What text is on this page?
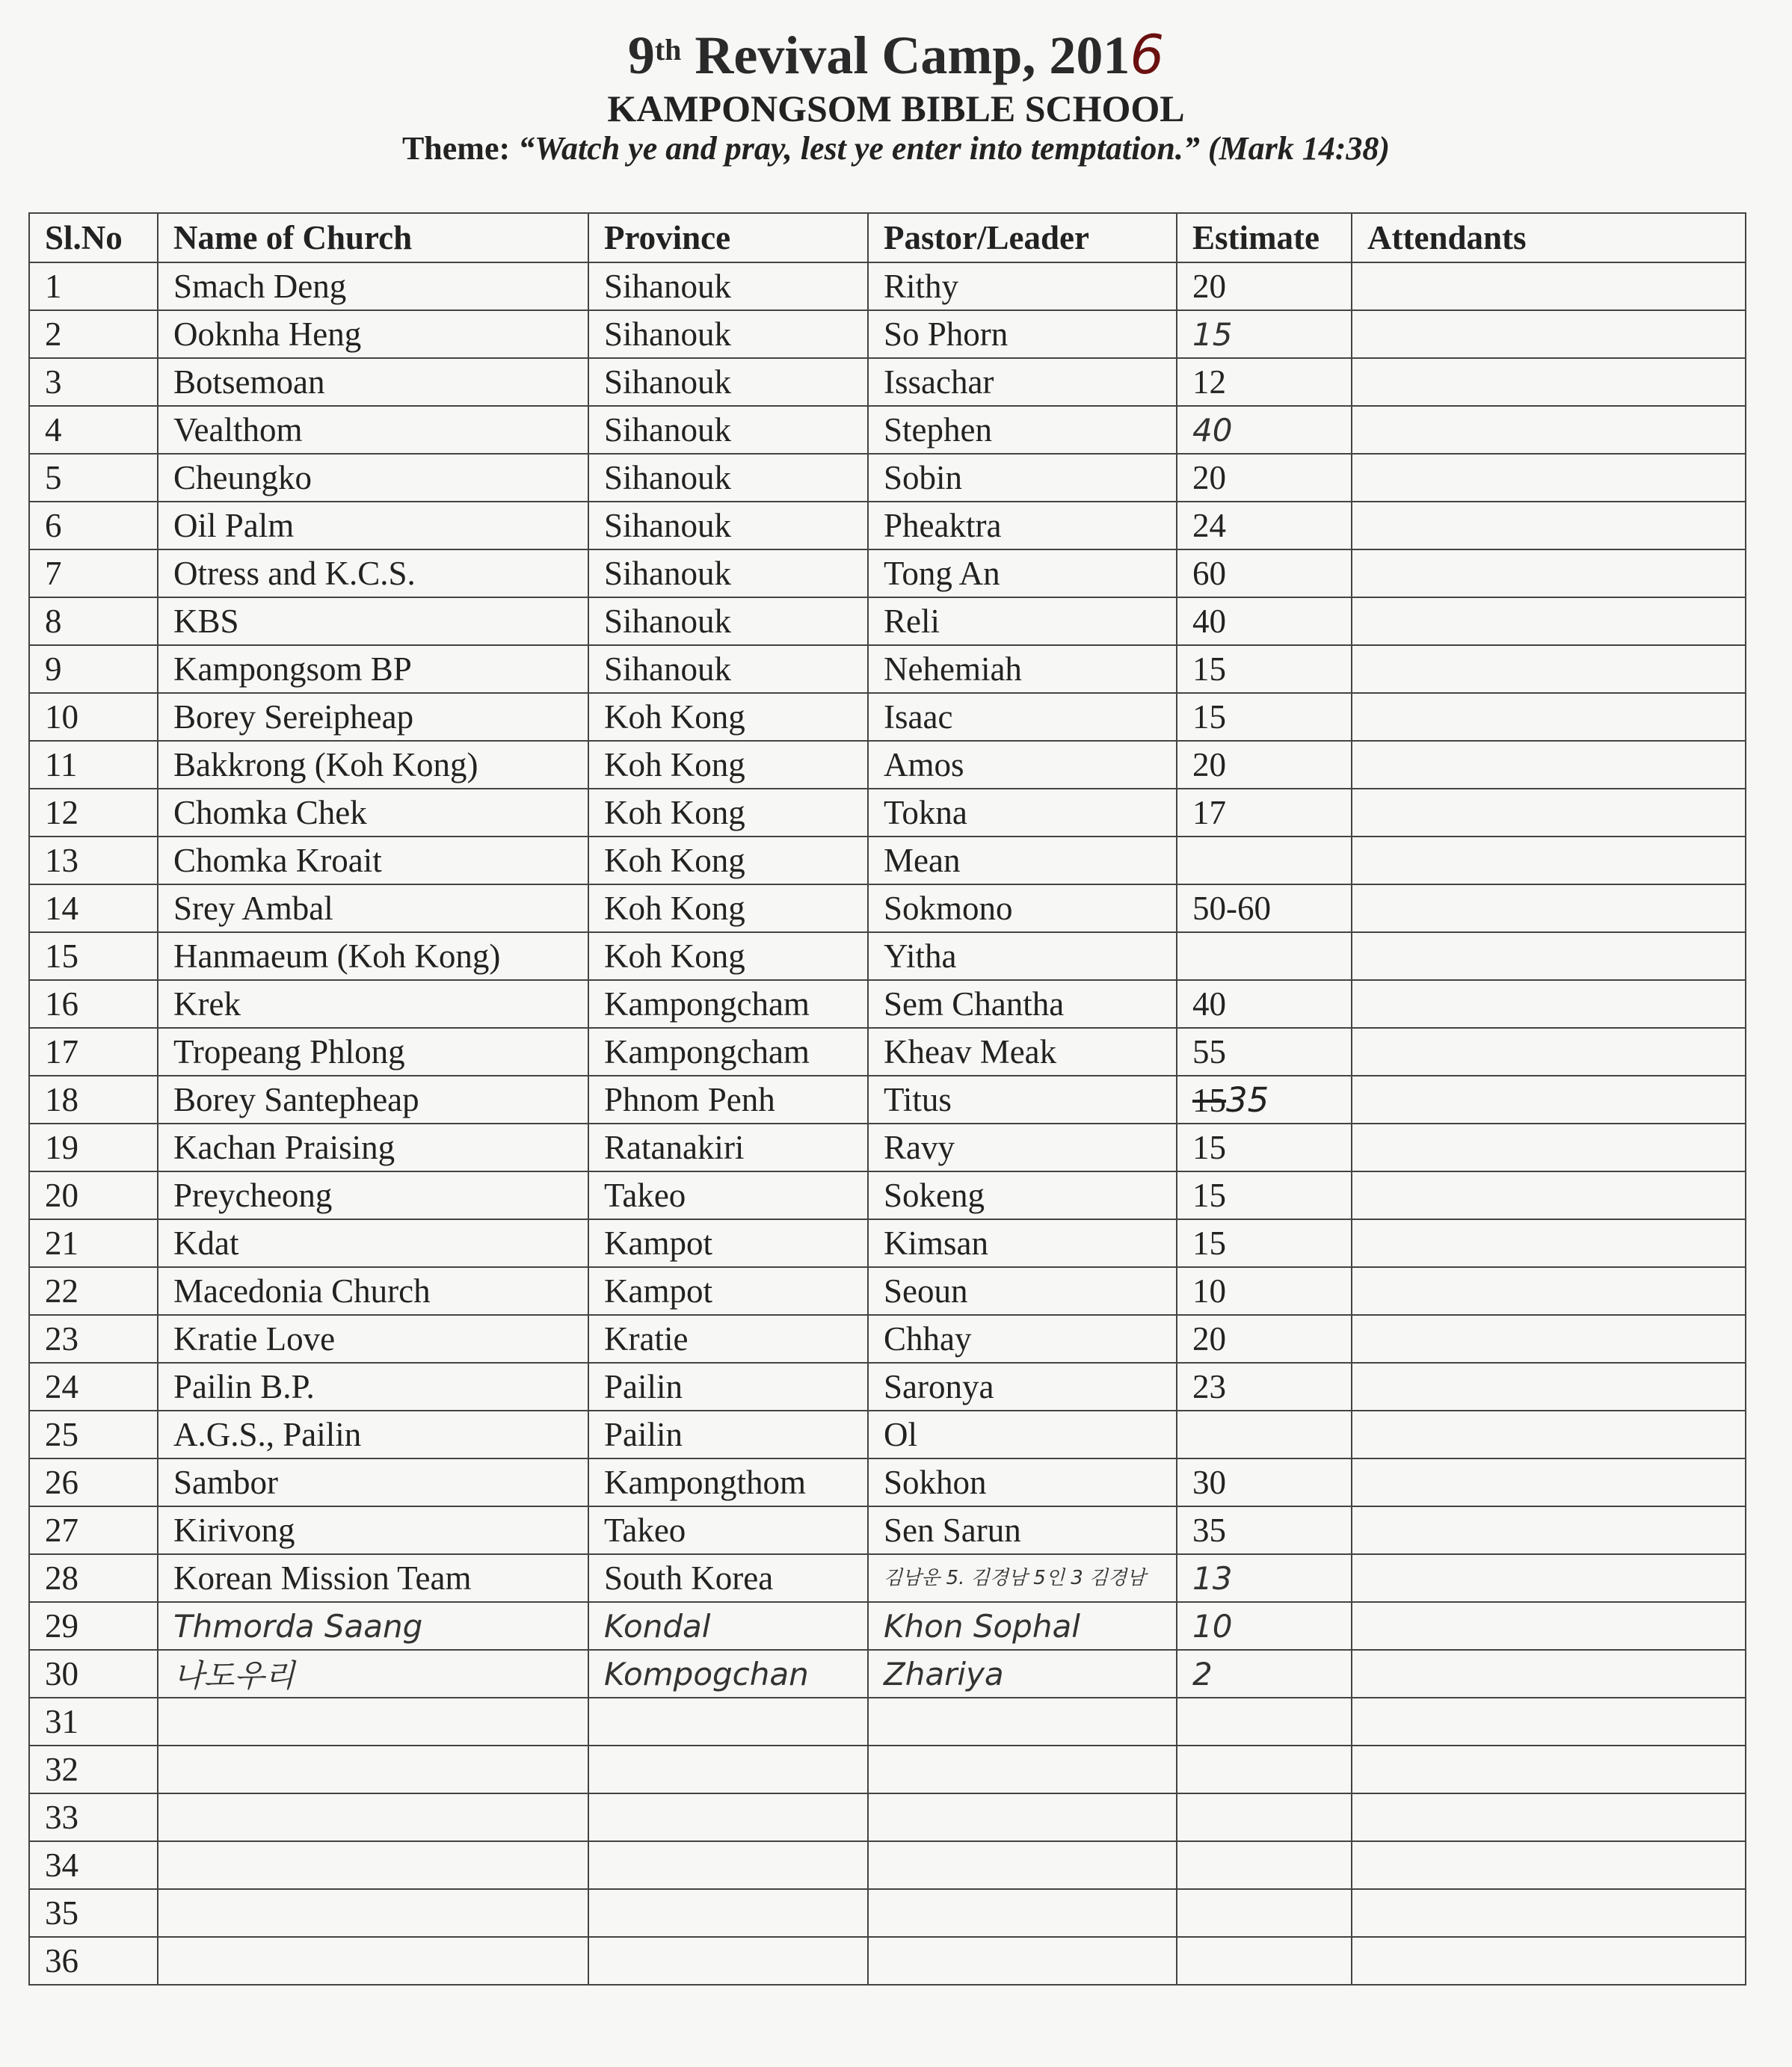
9th Revival Camp, 2016
KAMPONGSOM BIBLE SCHOOL
Theme: “Watch ye and pray, lest ye enter into temptation.” (Mark 14:38)
Sl.No	Name of Church	Province	Pastor/Leader	Estimate	Attendants
1	Smach Deng	Sihanouk	Rithy	20	
2	Ooknha Heng	Sihanouk	So Phorn	15	
3	Botsemoan	Sihanouk	Issachar	12	
4	Vealthom	Sihanouk	Stephen	40	
5	Cheungko	Sihanouk	Sobin	20	
6	Oil Palm	Sihanouk	Pheaktra	24	
7	Otress and K.C.S.	Sihanouk	Tong An	60	
8	KBS	Sihanouk	Reli	40	
9	Kampongsom BP	Sihanouk	Nehemiah	15	
10	Borey Sereipheap	Koh Kong	Isaac	15	
11	Bakkrong (Koh Kong)	Koh Kong	Amos	20	
12	Chomka Chek	Koh Kong	Tokna	17	
13	Chomka Kroait	Koh Kong	Mean		
14	Srey Ambal	Koh Kong	Sokmono	50-60	
15	Hanmaeum (Koh Kong)	Koh Kong	Yitha		
16	Krek	Kampongcham	Sem Chantha	40	
17	Tropeang Phlong	Kampongcham	Kheav Meak	55	
18	Borey Santepheap	Phnom Penh	Titus	1535	
19	Kachan Praising	Ratanakiri	Ravy	15	
20	Preycheong	Takeo	Sokeng	15	
21	Kdat	Kampot	Kimsan	15	
22	Macedonia Church	Kampot	Seoun	10	
23	Kratie Love	Kratie	Chhay	20	
24	Pailin B.P.	Pailin	Saronya	23	
25	A.G.S., Pailin	Pailin	Ol		
26	Sambor	Kampongthom	Sokhon	30	
27	Kirivong	Takeo	Sen Sarun	35	
28	Korean Mission Team	South Korea	김남운 5. 김경남 5인 3 김경남	13	
29	Thmorda Saang	Kondal	Khon Sophal	10	
30	나도우리	Kompogchan	Zhariya	2	
31					
32					
33					
34					
35					
36					
